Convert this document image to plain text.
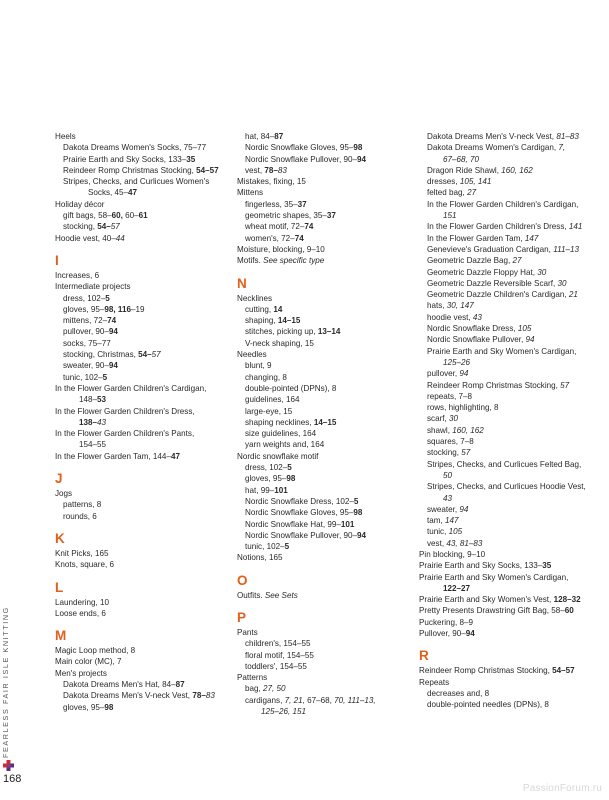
Heels
Dakota Dreams Women's Socks, 75–77
Prairie Earth and Sky Socks, 133–35
Reindeer Romp Christmas Stocking, 54–57
Stripes, Checks, and Curlicues Women's
Socks, 45–47
Holiday décor
gift bags, 58–60, 60–61
stocking, 54–57
Hoodie vest, 40–44
I
Increases, 6
Intermediate projects
dress, 102–5
gloves, 95–98, 116–19
mittens, 72–74
pullover, 90–94
socks, 75–77
stocking, Christmas, 54–57
sweater, 90–94
tunic, 102–5
In the Flower Garden Children's Cardigan,
148–53
In the Flower Garden Children's Dress,
138–43
In the Flower Garden Children's Pants,
154–55
In the Flower Garden Tam, 144–47
J
Jogs
patterns, 8
rounds, 6
K
Knit Picks, 165
Knots, square, 6
L
Laundering, 10
Loose ends, 6
M
Magic Loop method, 8
Main color (MC), 7
Men's projects
Dakota Dreams Men's Hat, 84–87
Dakota Dreams Men's V-neck Vest, 78–83
gloves, 95–98
hat, 84–87
Nordic Snowflake Gloves, 95–98
Nordic Snowflake Pullover, 90–94
vest, 78–83
Mistakes, fixing, 15
Mittens
fingerless, 35–37
geometric shapes, 35–37
wheat motif, 72–74
women's, 72–74
Moisture, blocking, 9–10
Motifs. See specific type
N
Necklines
cutting, 14
shaping, 14–15
stitches, picking up, 13–14
V-neck shaping, 15
Needles
blunt, 9
changing, 8
double-pointed (DPNs), 8
guidelines, 164
large-eye, 15
shaping necklines, 14–15
size guidelines, 164
yarn weights and, 164
Nordic snowflake motif
dress, 102–5
gloves, 95–98
hat, 99–101
Nordic Snowflake Dress, 102–5
Nordic Snowflake Gloves, 95–98
Nordic Snowflake Hat, 99–101
Nordic Snowflake Pullover, 90–94
tunic, 102–5
Notions, 165
O
Outfits. See Sets
P
Pants
children's, 154–55
floral motif, 154–55
toddlers', 154–55
Patterns
bag, 27, 50
cardigans, 7, 21, 67–68, 70, 111–13,
125–26, 151
Dakota Dreams Men's V-neck Vest, 81–83
Dakota Dreams Women's Cardigan, 7,
67–68, 70
Dragon Ride Shawl, 160, 162
dresses, 105, 141
felted bag, 27
In the Flower Garden Children's Cardigan,
151
In the Flower Garden Children's Dress, 141
In the Flower Garden Tam, 147
Genevieve's Graduation Cardigan, 111–13
Geometric Dazzle Bag, 27
Geometric Dazzle Floppy Hat, 30
Geometric Dazzle Reversible Scarf, 30
Geometric Dazzle Children's Cardigan, 21
hats, 30, 147
hoodie vest, 43
Nordic Snowflake Dress, 105
Nordic Snowflake Pullover, 94
Prairie Earth and Sky Women's Cardigan,
125–26
pullover, 94
Reindeer Romp Christmas Stocking, 57
repeats, 7–8
rows, highlighting, 8
scarf, 30
shawl, 160, 162
squares, 7–8
stocking, 57
Stripes, Checks, and Curlicues Felted Bag,
50
Stripes, Checks, and Curlicues Hoodie Vest,
43
sweater, 94
tam, 147
tunic, 105
vest, 43, 81–83
Pin blocking, 9–10
Prairie Earth and Sky Socks, 133–35
Prairie Earth and Sky Women's Cardigan,
122–27
Prairie Earth and Sky Women's Vest, 128–32
Pretty Presents Drawstring Gift Bag, 58–60
Puckering, 8–9
Pullover, 90–94
R
Reindeer Romp Christmas Stocking, 54–57
Repeats
decreases and, 8
double-pointed needles (DPNs), 8
FEARLESS FAIR ISLE KNITTING
168
PassionForum.ru
